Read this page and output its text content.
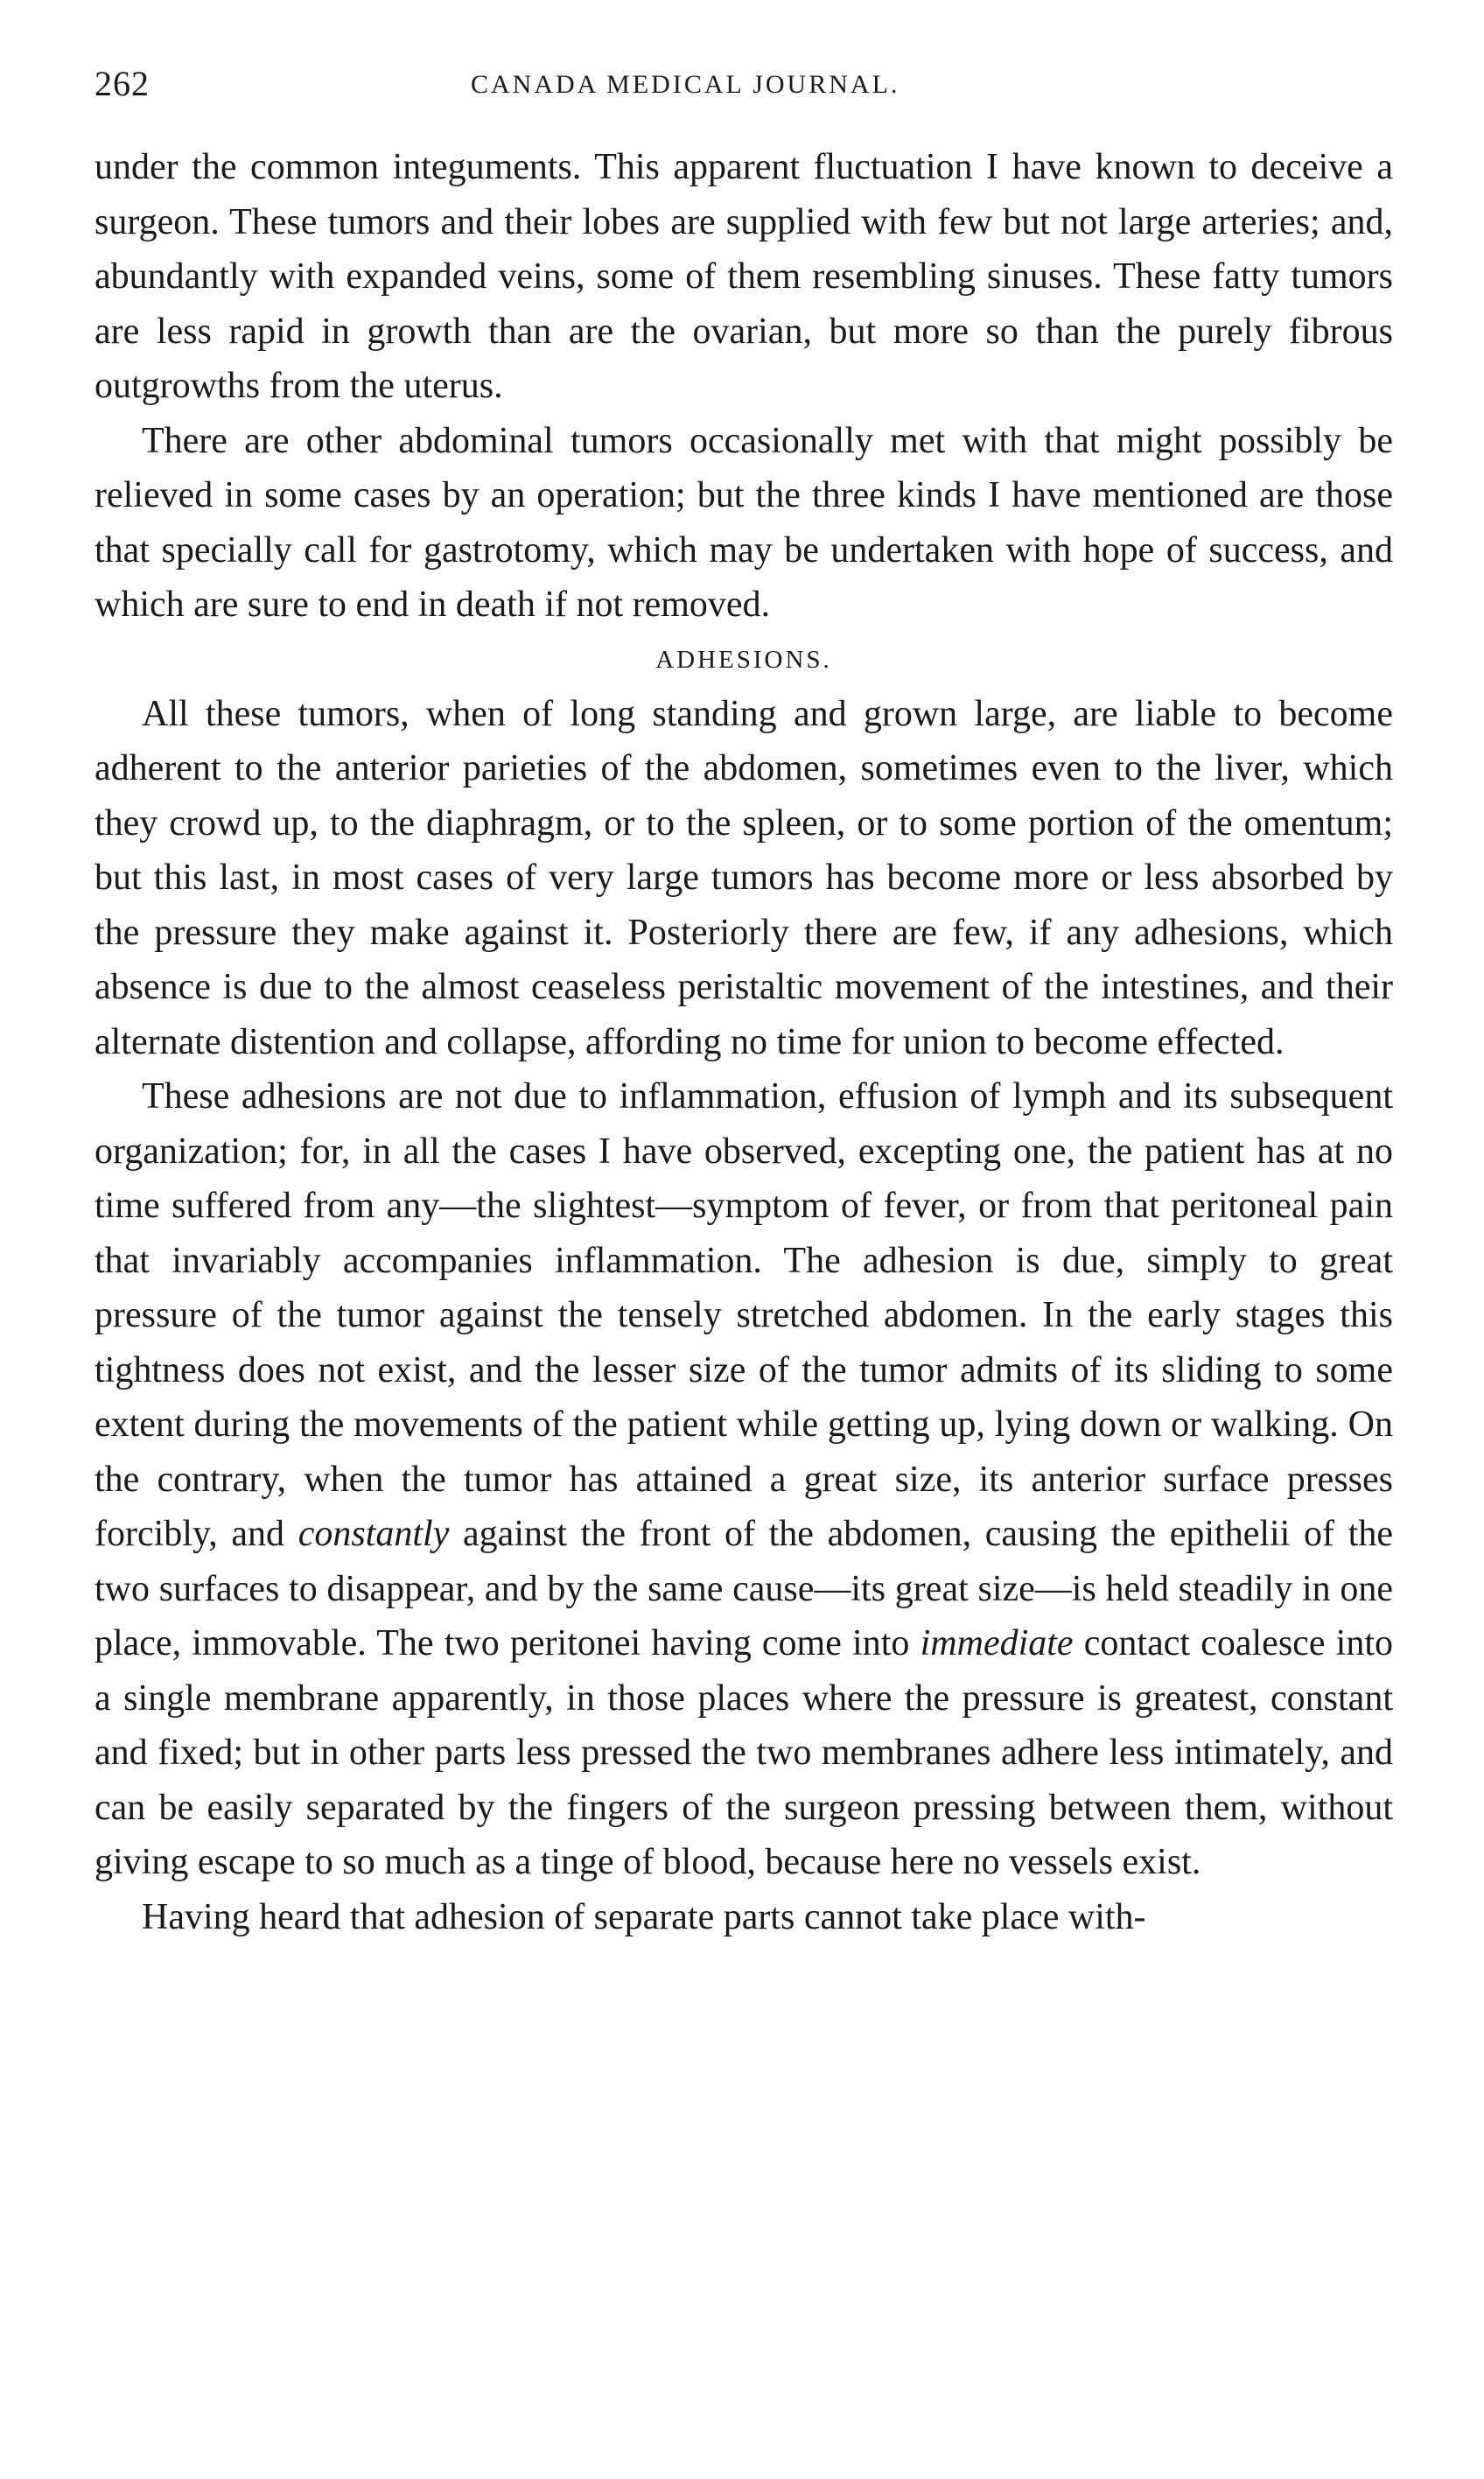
262	CANADA MEDICAL JOURNAL.

under the common integuments. This apparent fluctuation I have known to deceive a surgeon. These tumors and their lobes are supplied with few but not large arteries; and, abundantly with expanded veins, some of them resembling sinuses. These fatty tumors are less rapid in growth than are the ovarian, but more so than the purely fibrous outgrowths from the uterus.

There are other abdominal tumors occasionally met with that might possibly be relieved in some cases by an operation; but the three kinds I have mentioned are those that specially call for gastrotomy, which may be undertaken with hope of success, and which are sure to end in death if not removed.

ADHESIONS.

All these tumors, when of long standing and grown large, are liable to become adherent to the anterior parieties of the abdomen, sometimes even to the liver, which they crowd up, to the diaphragm, or to the spleen, or to some portion of the omentum; but this last, in most cases of very large tumors has become more or less absorbed by the pressure they make against it. Posteriorly there are few, if any adhesions, which absence is due to the almost ceaseless peristaltic movement of the intestines, and their alternate distention and collapse, affording no time for union to become effected.

These adhesions are not due to inflammation, effusion of lymph and its subsequent organization; for, in all the cases I have observed, excepting one, the patient has at no time suffered from any—the slightest—symptom of fever, or from that peritoneal pain that invariably accompanies inflammation. The adhesion is due, simply to great pressure of the tumor against the tensely stretched abdomen. In the early stages this tightness does not exist, and the lesser size of the tumor admits of its sliding to some extent during the movements of the patient while getting up, lying down or walking. On the contrary, when the tumor has attained a great size, its anterior surface presses forcibly, and constantly against the front of the abdomen, causing the epithelii of the two surfaces to disappear, and by the same cause—its great size—is held steadily in one place, immovable. The two peritonei having come into immediate contact coalesce into a single membrane apparently, in those places where the pressure is greatest, constant and fixed; but in other parts less pressed the two membranes adhere less intimately, and can be easily separated by the fingers of the surgeon pressing between them, without giving escape to so much as a tinge of blood, because here no vessels exist.

Having heard that adhesion of separate parts cannot take place with-
